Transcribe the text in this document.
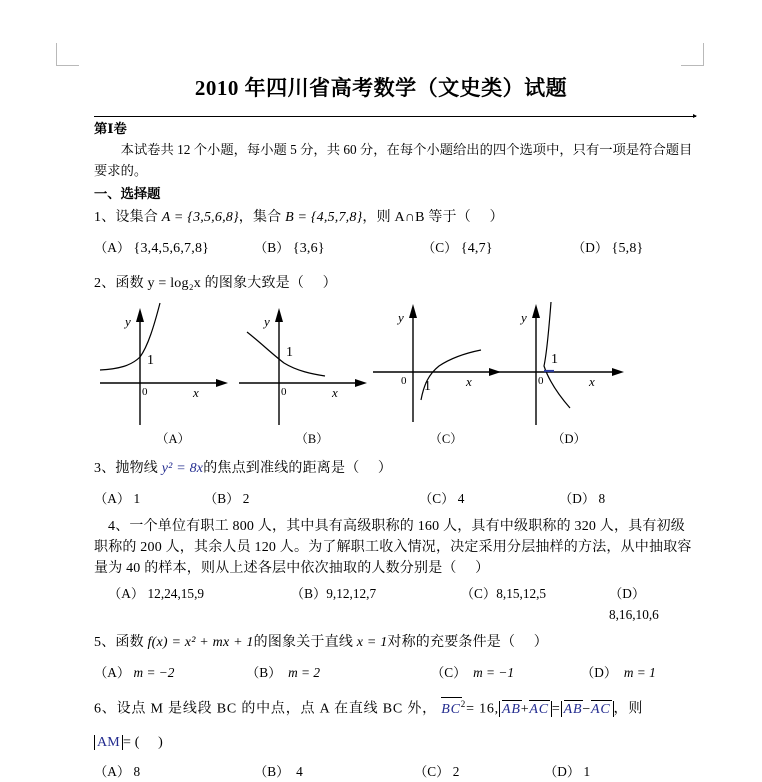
2010 年四川省高考数学（文史类）试题

第Ⅰ卷

本试卷共 12 个小题，每小题 5 分，共 60 分，在每个小题给出的四个选项中，只有一项是符合题目要求的。

一、选择题

1、设集合 A = {3,5,6,8}，集合 B = {4,5,7,8}，则 A∩B 等于（ ）

（A） {3,4,5,6,7,8}	（B） {3,6}	（C） {4,7}	（D） {5,8}

2、函数 y = log₂x 的图象大致是（ ）

y
x
0
1
（A）
y
x
0
1
（B）
y
x
0 1
（C）
y
x
0
1
（D）

3、抛物线 y² = 8x的焦点到准线的距离是（ ）

（A） 1	（B） 2	（C） 4	（D） 8

4、一个单位有职工 800 人，其中具有高级职称的 160 人，具有中级职称的 320 人，具有初级职称的 200 人，其余人员 120 人。为了解职工收入情况，决定采用分层抽样的方法，从中抽取容量为 40 的样本，则从上述各层中依次抽取的人数分别是（ ）

（A） 12,24,15,9	（B）9,12,12,7	（C）8,15,12,5	（D）8,16,10,6

5、函数 f(x) = x² + mx + 1的图象关于直线 x = 1对称的充要条件是（ ）

（A） m = −2	（B） m = 2	（C） m = −1	（D） m = 1

6、设点 M 是线段 BC 的中点，点 A 在直线 BC 外， $BC^2= 16$, AB+AC = AB−AC ，则

AM = ( )

（A） 8	（B） 4	（C） 2	（D） 1
